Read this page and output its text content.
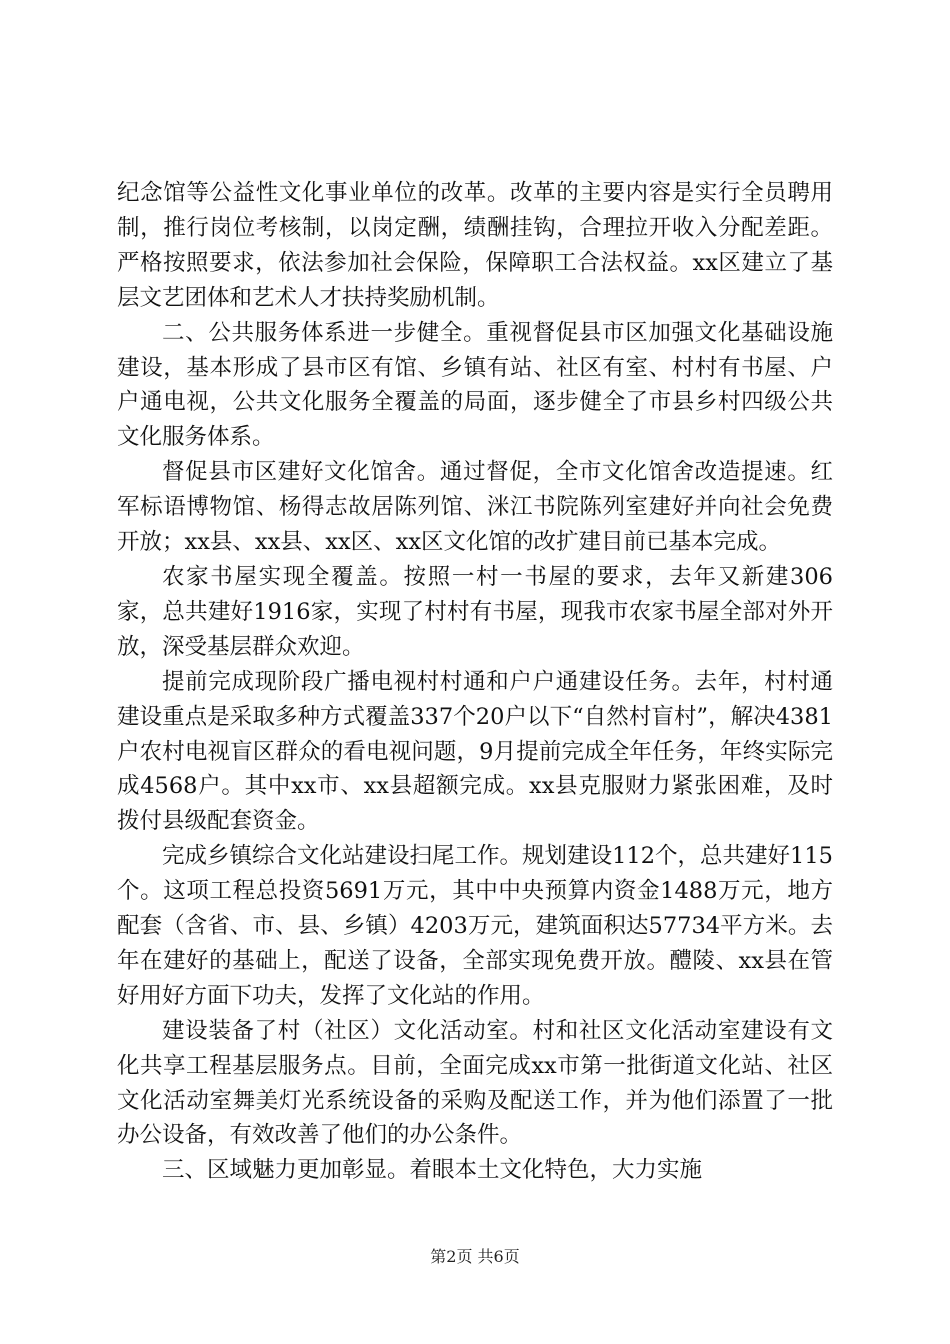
纪念馆等公益性文化事业单位的改革。改革的主要内容是实行全员聘用制，推行岗位考核制，以岗定酬，绩酬挂钩，合理拉开收入分配差距。严格按照要求，依法参加社会保险，保障职工合法权益。xx区建立了基层文艺团体和艺术人才扶持奖励机制。

二、公共服务体系进一步健全。重视督促县市区加强文化基础设施建设，基本形成了县市区有馆、乡镇有站、社区有室、村村有书屋、户户通电视，公共文化服务全覆盖的局面，逐步健全了市县乡村四级公共文化服务体系。

督促县市区建好文化馆舍。通过督促，全市文化馆舍改造提速。红军标语博物馆、杨得志故居陈列馆、洣江书院陈列室建好并向社会免费开放；xx县、xx县、xx区、xx区文化馆的改扩建目前已基本完成。

农家书屋实现全覆盖。按照一村一书屋的要求，去年又新建306家，总共建好1916家，实现了村村有书屋，现我市农家书屋全部对外开放，深受基层群众欢迎。

提前完成现阶段广播电视村村通和户户通建设任务。去年，村村通建设重点是采取多种方式覆盖337个20户以下“自然村盲村”，解决4381户农村电视盲区群众的看电视问题，9月提前完成全年任务，年终实际完成4568户。其中xx市、xx县超额完成。xx县克服财力紧张困难，及时拨付县级配套资金。

完成乡镇综合文化站建设扫尾工作。规划建设112个，总共建好115个。这项工程总投资5691万元，其中中央预算内资金1488万元，地方配套（含省、市、县、乡镇）4203万元，建筑面积达57734平方米。去年在建好的基础上，配送了设备，全部实现免费开放。醴陵、xx县在管好用好方面下功夫，发挥了文化站的作用。

建设装备了村（社区）文化活动室。村和社区文化活动室建设有文化共享工程基层服务点。目前，全面完成xx市第一批街道文化站、社区文化活动室舞美灯光系统设备的采购及配送工作，并为他们添置了一批办公设备，有效改善了他们的办公条件。

三、区域魅力更加彰显。着眼本土文化特色，大力实施

第2页 共6页
